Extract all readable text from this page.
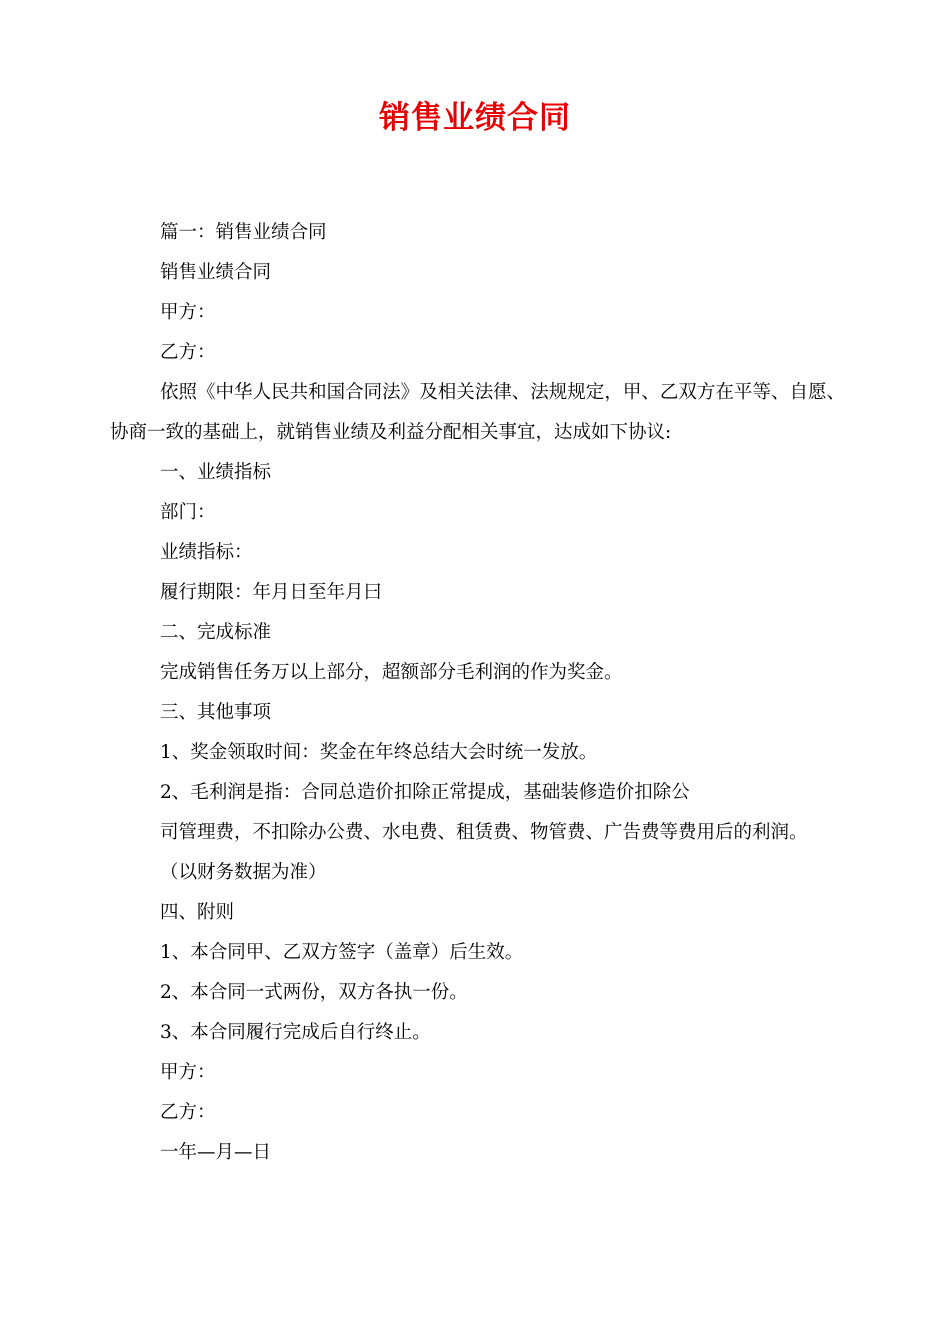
销售业绩合同

篇一：销售业绩合同

销售业绩合同

甲方：

乙方：

依照《中华人民共和国合同法》及相关法律、法规规定，甲、乙双方在平等、自愿、协商一致的基础上，就销售业绩及利益分配相关事宜，达成如下协议:

一、业绩指标

部门：

业绩指标：

履行期限：年月日至年月曰

二、完成标准

完成销售任务万以上部分，超额部分毛利润的作为奖金。

三、其他事项

1、奖金领取时间：奖金在年终总结大会时统一发放。

2、毛利润是指：合同总造价扣除正常提成，基础装修造价扣除公

司管理费，不扣除办公费、水电费、租赁费、物管费、广告费等费用后的利润。

（以财务数据为准）

四、附则

1、本合同甲、乙双方签字（盖章）后生效。

2、本合同一式两份，双方各执一份。

3、本合同履行完成后自行终止。

甲方：

乙方：

一年—月—日
